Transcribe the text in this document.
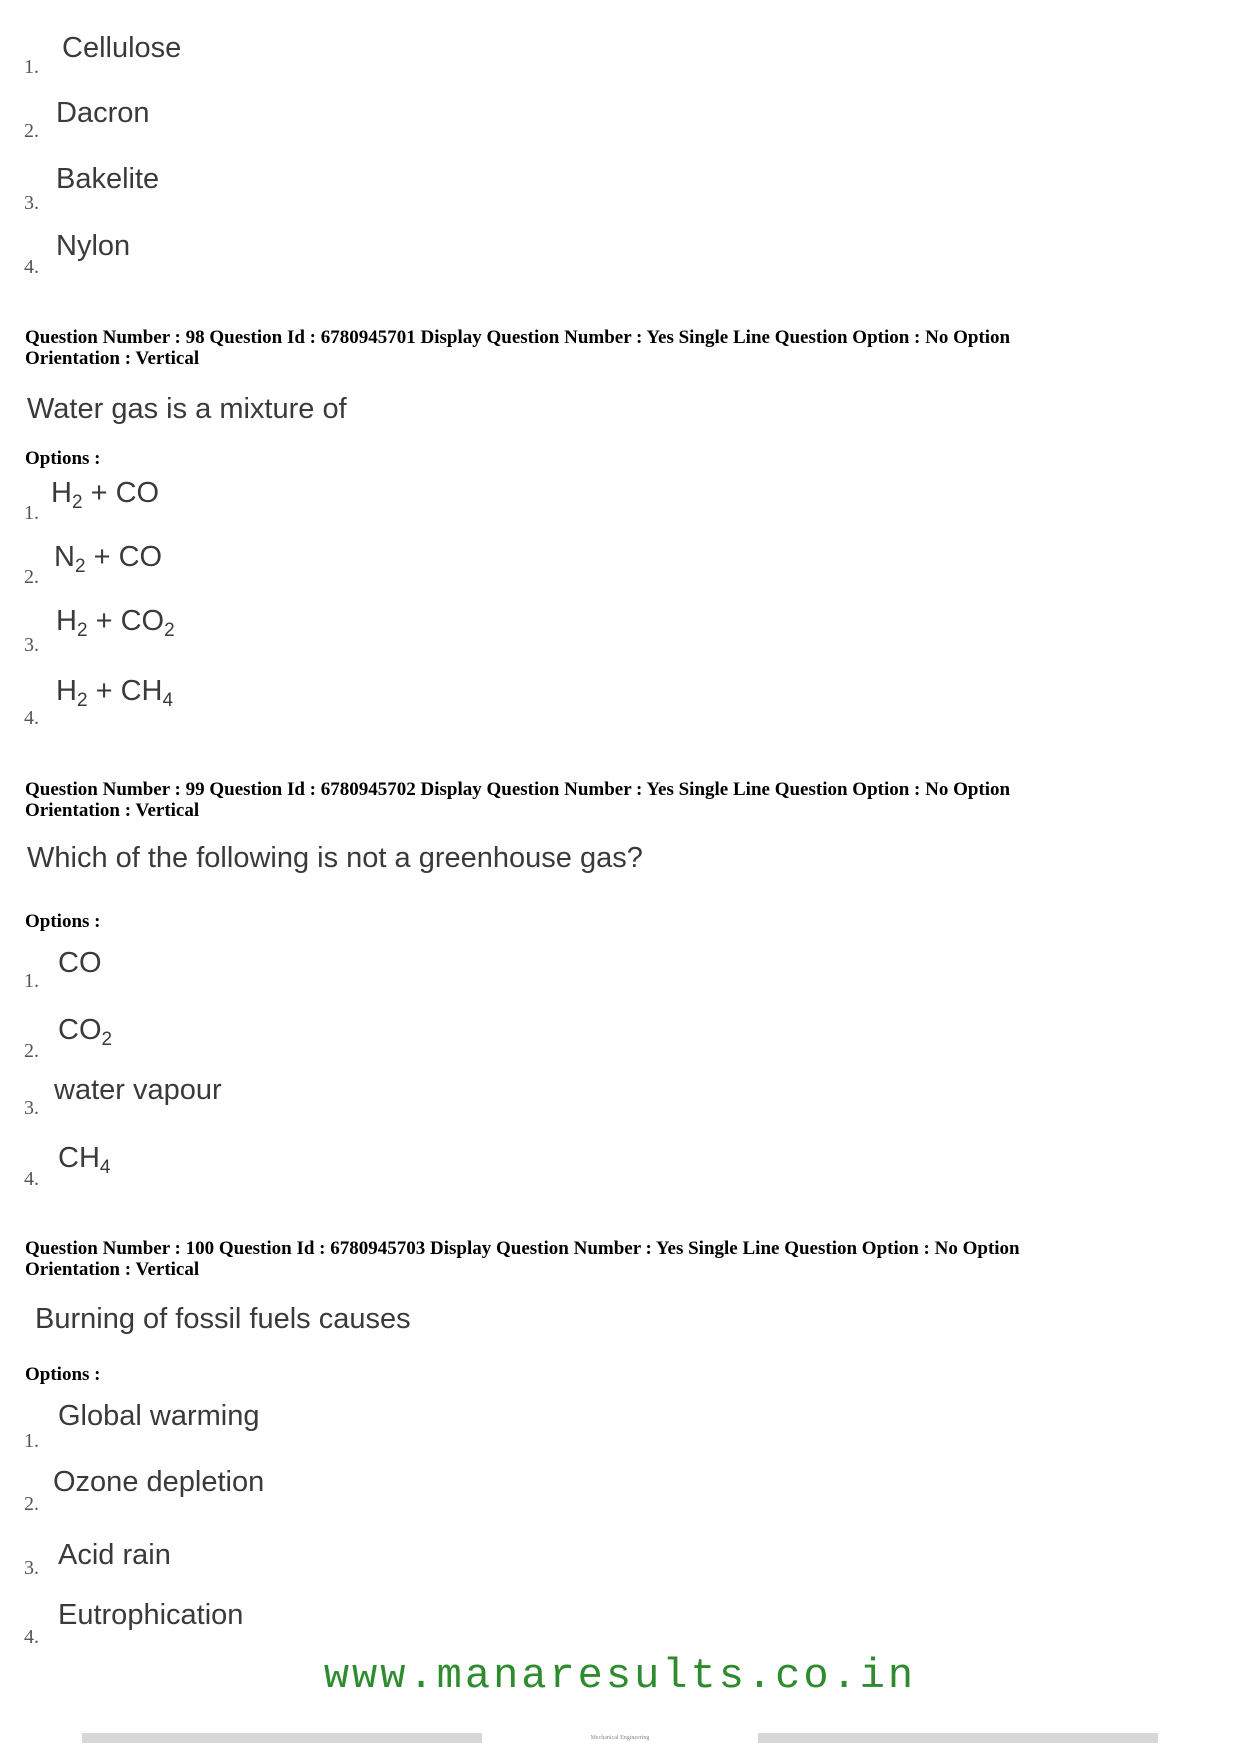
1.
Cellulose
2.
Dacron
3.
Bakelite
4.
Nylon
Question Number : 98 Question Id : 6780945701 Display Question Number : Yes Single Line Question Option : No Option
Orientation : Vertical
Water gas is a mixture of
Options :
1.
$H_2$ + CO
2.
$N_2$ + CO
3.
$H_2 + CO_2$
4.
$H_2 + CH_4$
Question Number : 99 Question Id : 6780945702 Display Question Number : Yes Single Line Question Option : No Option
Orientation : Vertical
Which of the following is not a greenhouse gas?
Options :
1.
CO
2.
$CO_2$
3.
water vapour
4.
$CH_4$
Question Number : 100 Question Id : 6780945703 Display Question Number : Yes Single Line Question Option : No Option
Orientation : Vertical
Burning of fossil fuels causes
Options :
1.
Global warming
2.
Ozone depletion
3. Acid rain
4.
Eutrophication
www.manaresults.co.in
Mechanical Engineering
